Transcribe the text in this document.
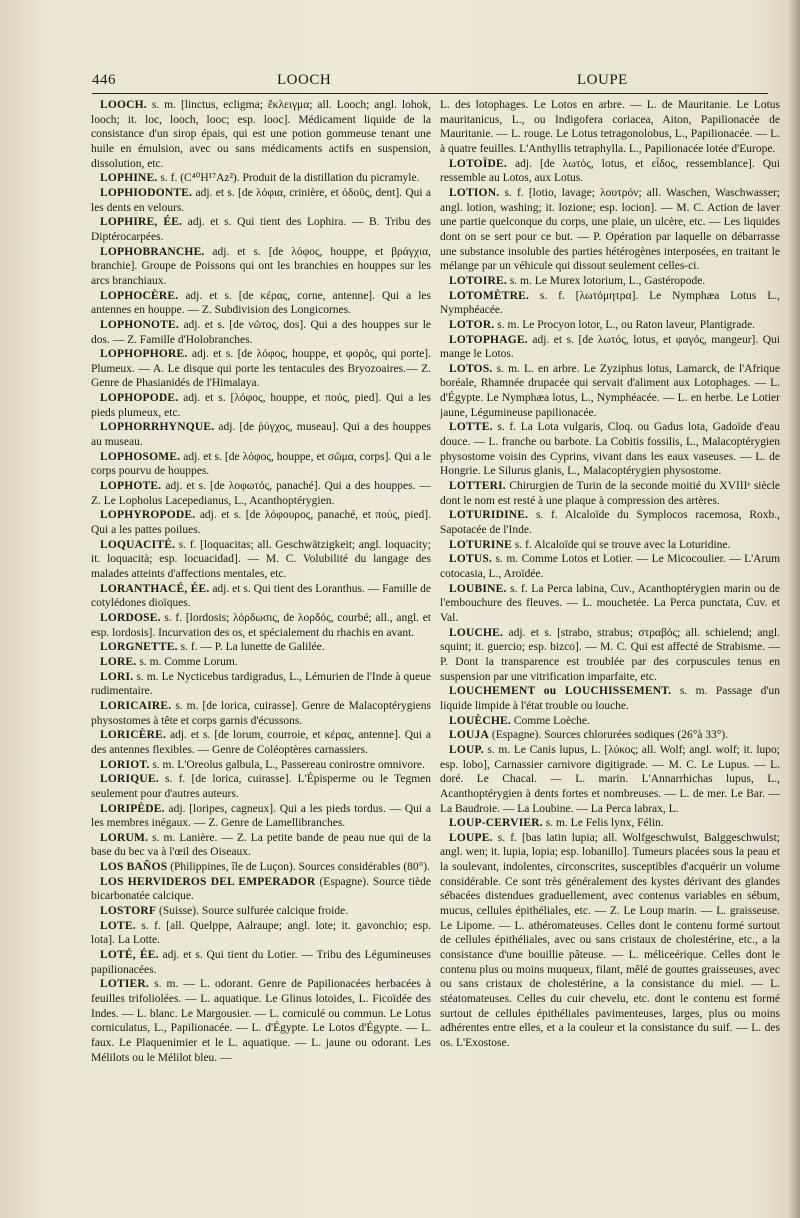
446	LOOCH	LOUPE

LOOCH. s. m. [linctus, ecligma; ἔκλειγμα; all. Looch; angl. lohok, looch; it. loc, looch, looc; esp. looc]. Médicament liquide de la consistance d'un sirop épais, qui est une potion gommeuse tenant une huile en émulsion, avec ou sans médicaments actifs en suspension, dissolution, etc.

LOPHINE. s. f. (C⁴⁰H¹⁷Az²). Produit de la distillation du picramyle.

LOPHIODONTE. adj. et s. [de λόφια, crinière, et ὀδοῦς, dent]. Qui a les dents en velours.

LOPHIRE, ÉE. adj. et s. Qui tient des Lophira. — B. Tribu des Diptérocarpées.

LOPHOBRANCHE. adj. et s. [de λόφος, houppe, et βράγχια, branchie]. Groupe de Poissons qui ont les branchies en houppes sur les arcs branchiaux.

LOPHOCÈRE. adj. et s. [de κέρας, corne, antenne]. Qui a les antennes en houppe. — Z. Subdivision des Longicornes.

LOPHONOTE. adj. et s. [de νῶτος, dos]. Qui a des houppes sur le dos. — Z. Famille d'Holobranches.

LOPHOPHORE. adj. et s. [de λόφος, houppe, et φορός, qui porte]. Plumeux. — A. Le disque qui porte les tentacules des Bryozoaires.— Z. Genre de Phasianidés de l'Himalaya.

LOPHOPODE. adj. et s. [λόφος, houppe, et πούς, pied]. Qui a les pieds plumeux, etc.

LOPHORRHYNQUE. adj. [de ῥύγχος, museau]. Qui a des houppes au museau.

LOPHOSOME. adj. et s. [de λόφος, houppe, et σῶμα, corps]. Qui a le corps pourvu de houppes.

LOPHOTE. adj. et s. [de λοφωτός, panaché]. Qui a des houppes. — Z. Le Lopholus Lacepedianus, L., Acanthoptérygien.

LOPHYROPODE. adj. et s. [de λόφουρος, panaché, et πούς, pied]. Qui a les pattes poilues.

LOQUACITÉ. s. f. [loquacitas; all. Geschwätzigkeit; angl. loquacity; it. loquacità; esp. locuacidad]. — M. C. Volubilité du langage des malades atteints d'affections mentales, etc.

LORANTHACÉ, ÉE. adj. et s. Qui tient des Loranthus. — Famille de cotylédones dioïques.

LORDOSE. s. f. [lordosis; λόρδωσις, de λορδός, courbé; all., angl. et esp. lordosis]. Incurvation des os, et spécialement du rhachis en avant.

LORGNETTE. s. f. — P. La lunette de Galilée.

LORE. s. m. Comme Lorum.

LORI. s. m. Le Nycticebus tardigradus, L., Lémurien de l'Inde à queue rudimentaire.

LORICAIRE. s. m. [de lorica, cuirasse]. Genre de Malacoptérygiens physostomes à tête et corps garnis d'écussons.

LORICÈRE. adj. et s. [de lorum, courroie, et κέρας, antenne]. Qui a des antennes flexibles. — Genre de Coléoptères carnassiers.

LORIOT. s. m. L'Oreolus galbula, L., Passereau conirostre omnivore.

LORIQUE. s. f. [de lorica, cuirasse]. L'Épisperme ou le Tegmen seulement pour d'autres auteurs.

LORIPÈDE. adj. [loripes, cagneux]. Qui a les pieds tordus. — Qui a les membres inégaux. — Z. Genre de Lamellibranches.

LORUM. s. m. Lanière. — Z. La petite bande de peau nue qui de la base du bec va à l'œil des Oiseaux.

LOS BAÑOS (Philippines, île de Luçon). Sources considérables (80°).

LOS HERVIDEROS DEL EMPERADOR (Espagne). Source tiède bicarbonatée calcique.

LOSTORF (Suisse). Source sulfurée calcique froide.

LOTE. s. f. [all. Quelppe, Aalraupe; angl. lote; it. gavonchio; esp. lota]. La Lotte.

LOTÉ, ÉE. adj. et s. Qui tient du Lotier. — Tribu des Légumineuses papilionacées.

LOTIER. s. m. — L. odorant. Genre de Papilionacées herbacées à feuilles trifoliolées. — L. aquatique. Le Glinus lotoides, L. Ficoïdée des Indes. — L. blanc. Le Margousier. — L. corniculé ou commun. Le Lotus corniculatus, L., Papilionacée. — L. d'Égypte. Le Lotos d'Égypte. — L. faux. Le Plaquenimier et le L. aquatique. — L. jaune ou odorant. Les Mélilots ou le Mélilot bleu. —

L. des lotophages. Le Lotos en arbre. — L. de Mauritanie. Le Lotus mauritanicus, L., ou Indigofera coriacea, Aiton, Papilionacée de Mauritanie. — L. rouge. Le Lotus tetragonolobus, L., Papilionacée. — L. à quatre feuilles. L'Anthyllis tetraphylla. L., Papilionacée lotée d'Europe.

LOTOÏDE. adj. [de λωτός, lotus, et εἶδος, ressemblance]. Qui ressemble au Lotos, aux Lotus.

LOTION. s. f. [lotio, lavage; λουτρόν; all. Waschen, Waschwasser; angl. lotion, washing; it. lozione; esp. locion]. — M. C. Action de laver une partie quelconque du corps, une plaie, un ulcère, etc. — Les liquides dont on se sert pour ce but. — P. Opération par laquelle on débarrasse une substance insoluble des parties hétérogènes interposées, en traitant le mélange par un véhicule qui dissout seulement celles-ci.

LOTOIRE. s. m. Le Murex lotorium, L., Gastéropode.

LOTOMÈTRE. s. f. [λωτόμητρα]. Le Nymphæa Lotus L., Nymphéacée.

LOTOR. s. m. Le Procyon lotor, L., ou Raton laveur, Plantigrade.

LOTOPHAGE. adj. et s. [de λωτός, lotus, et φαγός, mangeur]. Qui mange le Lotos.

LOTOS. s. m. L. en arbre. Le Zyziphus lotus, Lamarck, de l'Afrique boréale, Rhamnée drupacée qui servait d'aliment aux Lotophages. — L. d'Égypte. Le Nymphæa lotus, L., Nymphéacée. — L. en herbe. Le Lotier jaune, Légumineuse papilionacée.

LOTTE. s. f. La Lota vulgaris, Cloq. ou Gadus lota, Gadoïde d'eau douce. — L. franche ou barbote. La Cobitis fossilis, L., Malacoptérygien physostome voisin des Cyprins, vivant dans les eaux vaseuses. — L. de Hongrie. Le Silurus glanis, L., Malacoptérygien physostome.

LOTTERI. Chirurgien de Turin de la seconde moitié du XVIIIᵉ siècle dont le nom est resté à une plaque à compression des artères.

LOTURIDINE. s. f. Alcaloïde du Symplocos racemosa, Roxb., Sapotacée de l'Inde.

LOTURINE s. f. Alcaloïde qui se trouve avec la Loturidine.

LOTUS. s. m. Comme Lotos et Lotier. — Le Micocoulier. — L'Arum cotocasia, L., Aroïdée.

LOUBINE. s. f. La Perca labina, Cuv., Acanthoptérygien marin ou de l'embouchure des fleuves. — L. mouchetée. La Perca punctata, Cuv. et Val.

LOUCHE. adj. et s. [strabo, strabus; στραβός; all. schielend; angl. squint; it. guercio; esp. bizco]. — M. C. Qui est affecté de Strabisme. — P. Dont la transparence est troublée par des corpuscules tenus en suspension par une vitrification imparfaite, etc.

LOUCHEMENT ou LOUCHISSEMENT. s. m. Passage d'un liquide limpide à l'état trouble ou louche.

LOUÈCHE. Comme Loèche.

LOUJA (Espagne). Sources chlorurées sodiques (26°à 33°).

LOUP. s. m. Le Canis lupus, L. [λύκος; all. Wolf; angl. wolf; it. lupo; esp. lobo], Carnassier carnivore digitigrade. — M. C. Le Lupus. — L. doré. Le Chacal. — L. marin. L'Annarrhichas lupus, L., Acanthoptérygien à dents fortes et nombreuses. — L. de mer. Le Bar. — La Baudroie. — La Loubine. — La Perca labrax, L.

LOUP-CERVIER. s. m. Le Felis lynx, Félin.

LOUPE. s. f. [bas latin lupia; all. Wolfgeschwulst, Balggeschwulst; angl. wen; it. lupia, lopia; esp. lobanillo]. Tumeurs placées sous la peau et la soulevant, indolentes, circonscrites, susceptibles d'acquérir un volume considérable. Ce sont très généralement des kystes dérivant des glandes sébacées distendues graduellement, avec contenus variables en sébum, mucus, cellules épithéliales, etc. — Z. Le Loup marin. — L. graisseuse. Le Lipome. — L. athéromateuses. Celles dont le contenu formé surtout de cellules épithéliales, avec ou sans cristaux de cholestérine, etc., a la consistance d'une bouillie pâteuse. — L. méliceérique. Celles dont le contenu plus ou moins muqueux, filant, mêlé de gouttes graisseuses, avec ou sans cristaux de cholestérine, a la consistance du miel. — L. stéatomateuses. Celles du cuir chevelu, etc. dont le contenu est formé surtout de cellules épithéliales pavimenteuses, larges, plus ou moins adhérentes entre elles, et a la couleur et la consistance du suif. — L. des os. L'Exostose.
